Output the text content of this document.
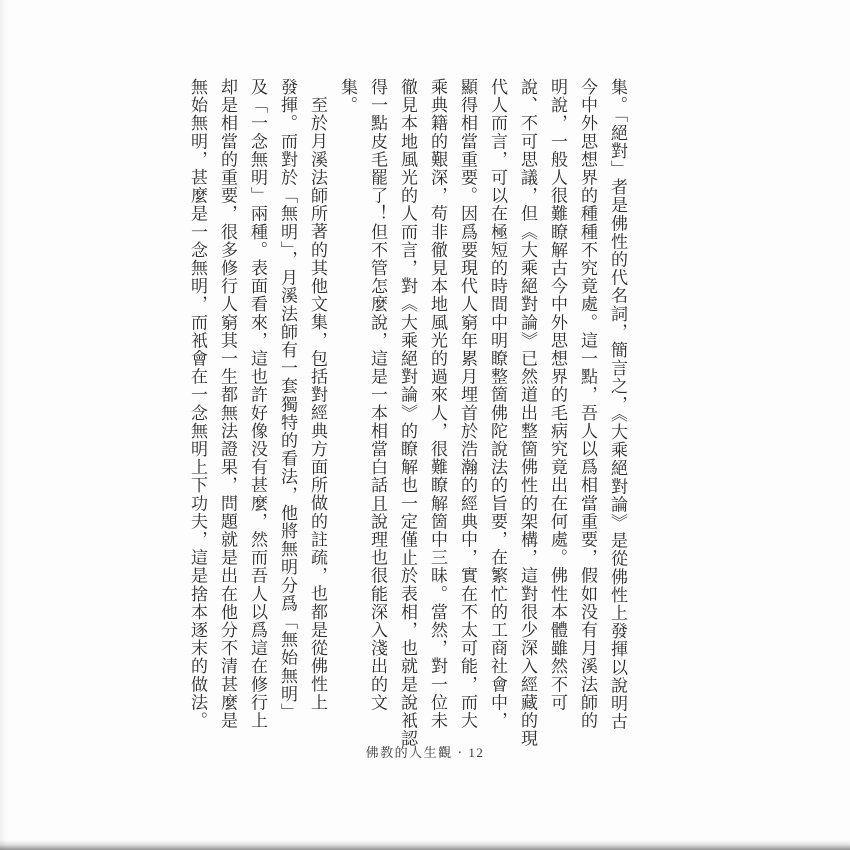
集。「絕對」者是佛性的代名詞，簡言之，《大乘絕對論》是從佛性上發揮以說明古
今中外思想界的種種不究竟處。這一點，吾人以爲相當重要，假如没有月溪法師的
明說，一般人很難瞭解古今中外思想界的毛病究竟出在何處。佛性本體雖然不可
說、不可思議，但《大乘絕對論》已然道出整箇佛性的架構，這對很少深入經藏的現
代人而言，可以在極短的時間中明瞭整箇佛陀說法的旨要，在繁忙的工商社會中，
顯得相當重要。因爲要現代人窮年累月埋首於浩瀚的經典中，實在不太可能，而大
乘典籍的艱深，苟非徹見本地風光的過來人，很難瞭解箇中三昧。當然，對一位未
徹見本地風光的人而言，對《大乘絕對論》的瞭解也一定僅止於表相，也就是說衹認
得一點皮毛罷了！但不管怎麼說，這是一本相當白話且說理也很能深入淺出的文
集。
至於月溪法師所著的其他文集，包括對經典方面所做的註疏，也都是從佛性上
發揮。而對於「無明」，月溪法師有一套獨特的看法，他將無明分爲「無始無明」
及「一念無明」兩種。表面看來，這也許好像没有甚麼，然而吾人以爲這在修行上
却是相當的重要，很多修行人窮其一生都無法證果，問題就是出在他分不清甚麼是
無始無明，甚麼是一念無明，而衹會在一念無明上下功夫，這是捨本逐末的做法。
佛教的人生觀 ‧ 12
